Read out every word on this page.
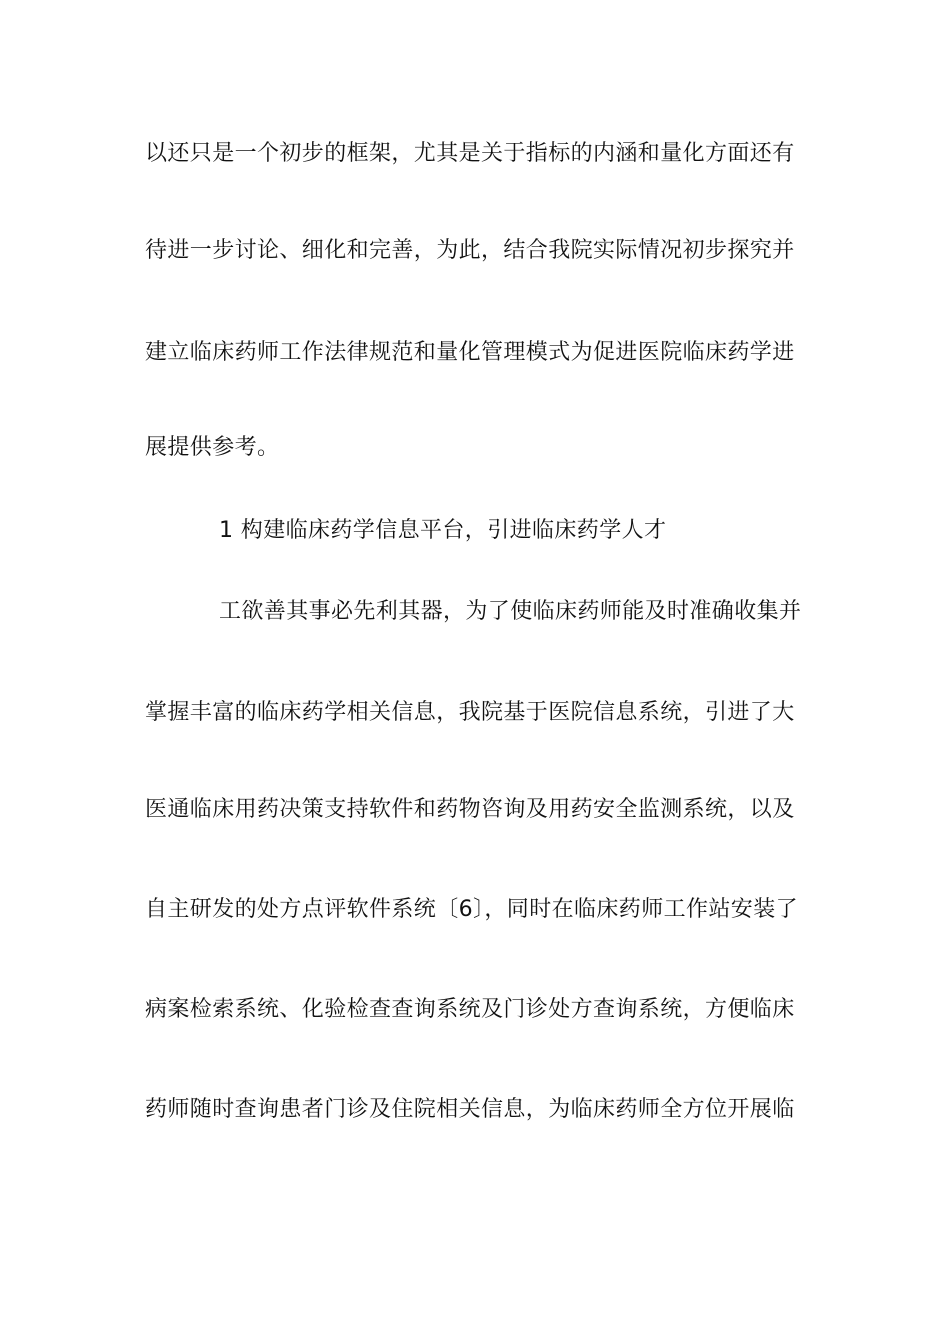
以还只是一个初步的框架，尤其是关于指标的内涵和量化方面还有
待进一步讨论、细化和完善，为此，结合我院实际情况初步探究并
建立临床药师工作法律规范和量化管理模式为促进医院临床药学进
展提供参考。
1 构建临床药学信息平台，引进临床药学人才
工欲善其事必先利其器，为了使临床药师能及时准确收集并
掌握丰富的临床药学相关信息，我院基于医院信息系统，引进了大
医通临床用药决策支持软件和药物咨询及用药安全监测系统，以及
自主研发的处方点评软件系统〔6〕，同时在临床药师工作站安装了
病案检索系统、化验检查查询系统及门诊处方查询系统，方便临床
药师随时查询患者门诊及住院相关信息，为临床药师全方位开展临
